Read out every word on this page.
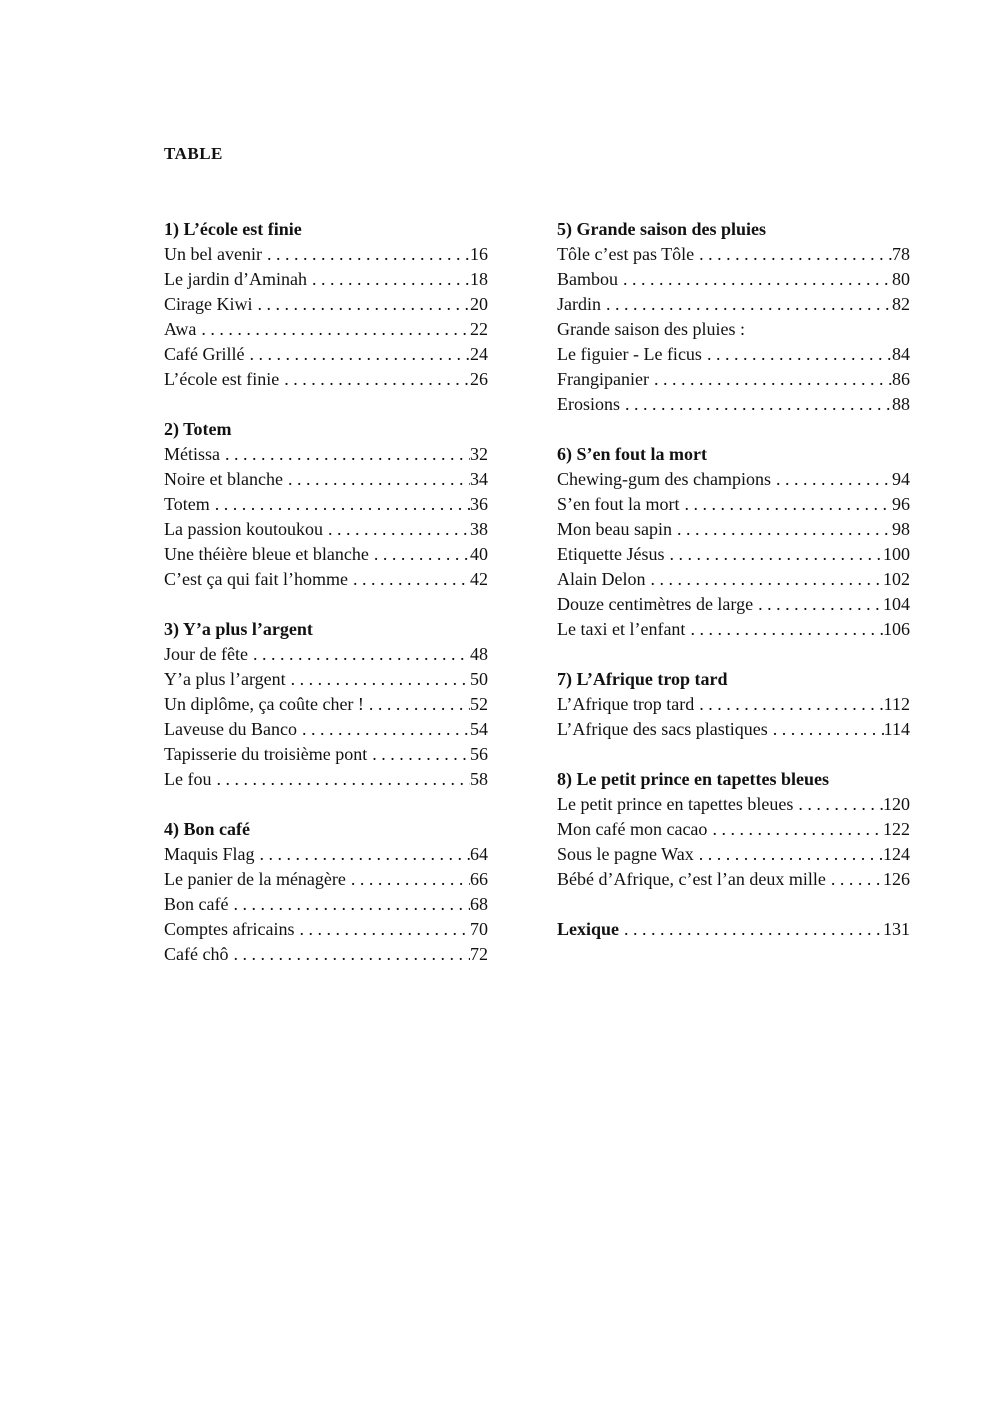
TABLE
1) L’école est finie
Un bel avenir . . .	16
Le jardin d’Aminah . . .	18
Cirage Kiwi . . .	20
Awa . . .	22
Café Grillé . . .	24
L’école est finie . . .	26
2) Totem
Métissa . . .	32
Noire et blanche . . .	34
Totem . . .	36
La passion koutoukou . . .	38
Une théière bleue et blanche . . .	40
C’est ça qui fait l’homme . . .	42
3) Y’a plus l’argent
Jour de fête . . .	48
Y’a plus l’argent . . .	50
Un diplôme, ça coûte cher ! . . .	52
Laveuse du Banco . . .	54
Tapisserie du troisième pont . . .	56
Le fou . . .	58
4) Bon café
Maquis Flag . . .	64
Le panier de la ménagère . . .	66
Bon café . . .	68
Comptes africains . . .	70
Café chô . . .	72
5) Grande saison des pluies
Tôle c’est pas Tôle . . .	78
Bambou . . .	80
Jardin . . .	82
Grande saison des pluies :
Le figuier - Le ficus . . .	84
Frangipanier . . .	86
Erosions . . .	88
6) S’en fout la mort
Chewing-gum des champions . . .	94
S’en fout la mort . . .	96
Mon beau sapin . . .	98
Etiquette Jésus . . .	100
Alain Delon . . .	102
Douze centimètres de large . . .	104
Le taxi et l’enfant . . .	106
7) L’Afrique trop tard
L’Afrique trop tard . . .	112
L’Afrique des sacs plastiques . . .	114
8) Le petit prince en tapettes bleues
Le petit prince en tapettes bleues . . .	120
Mon café mon cacao . . .	122
Sous le pagne Wax . . .	124
Bébé d’Afrique, c’est l’an deux mille . . .	126
Lexique . . .	131
